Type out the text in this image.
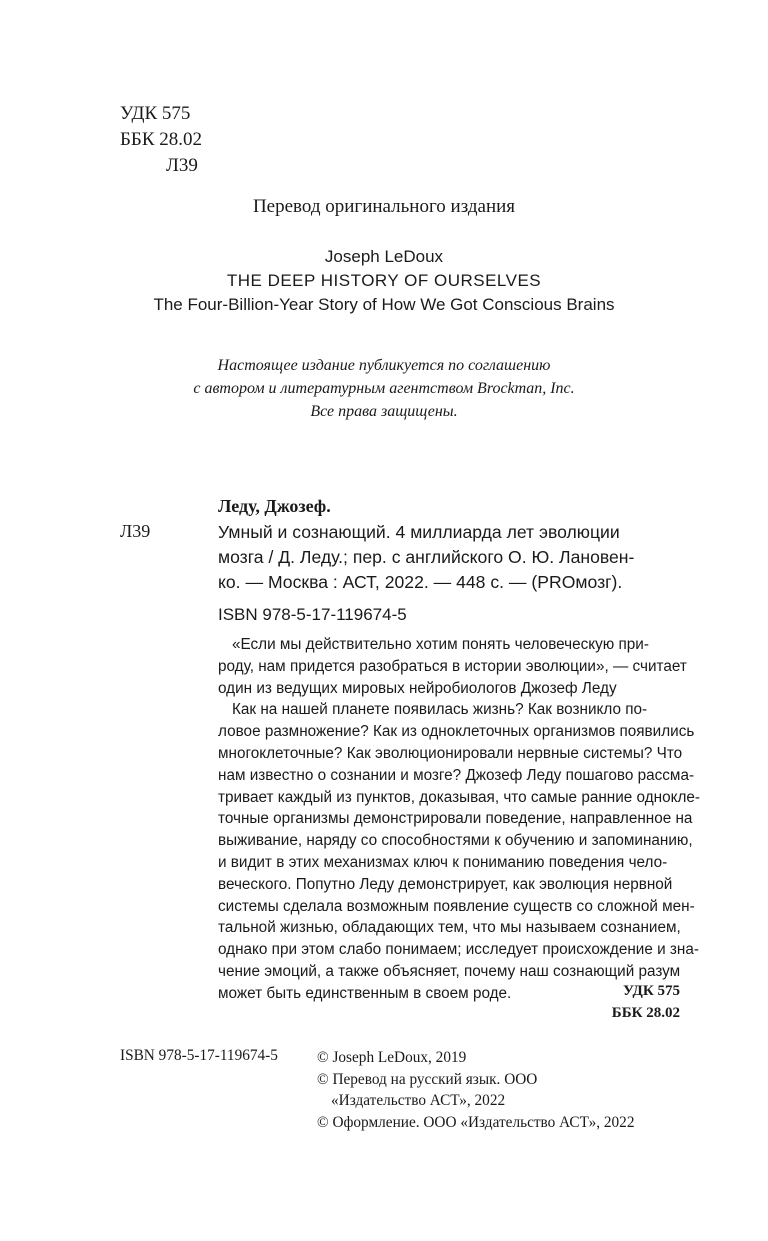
УДК 575
ББК 28.02
Л39
Перевод оригинального издания
Joseph LeDoux
THE DEEP HISTORY OF OURSELVES
The Four-Billion-Year Story of How We Got Conscious Brains
Настоящее издание публикуется по соглашению
с автором и литературным агентством Brockman, Inc.
Все права защищены.
Леду, Джозеф.
Л39	Умный и сознающий. 4 миллиарда лет эволюции
мозга / Д. Леду.; пер. с английского О. Ю. Лановен-
ко. — Москва : АСТ, 2022. — 448 с. — (PROмозг).
ISBN 978-5-17-119674-5
«Если мы действительно хотим понять человеческую при-
роду, нам придется разобраться в истории эволюции», — считает
один из ведущих мировых нейробиологов Джозеф Леду
Как на нашей планете появилась жизнь? Как возникло по-
ловое размножение? Как из одноклеточных организмов появились
многоклеточные? Как эволюционировали нервные системы? Что
нам известно о сознании и мозге? Джозеф Леду пошагово рассма-
тривает каждый из пунктов, доказывая, что самые ранние однокле-
точные организмы демонстрировали поведение, направленное на
выживание, наряду со способностями к обучению и запоминанию,
и видит в этих механизмах ключ к пониманию поведения чело-
веческого. Попутно Леду демонстрирует, как эволюция нервной
системы сделала возможным появление существ со сложной мен-
тальной жизнью, обладающих тем, что мы называем сознанием,
однако при этом слабо понимаем; исследует происхождение и зна-
чение эмоций, а также объясняет, почему наш сознающий разум
может быть единственным в своем роде.	УДК 575
ББК 28.02
ISBN 978-5-17-119674-5	© Joseph LeDoux, 2019
© Перевод на русский язык. ООО
«Издательство АСТ», 2022
© Оформление. ООО «Издательство АСТ», 2022
